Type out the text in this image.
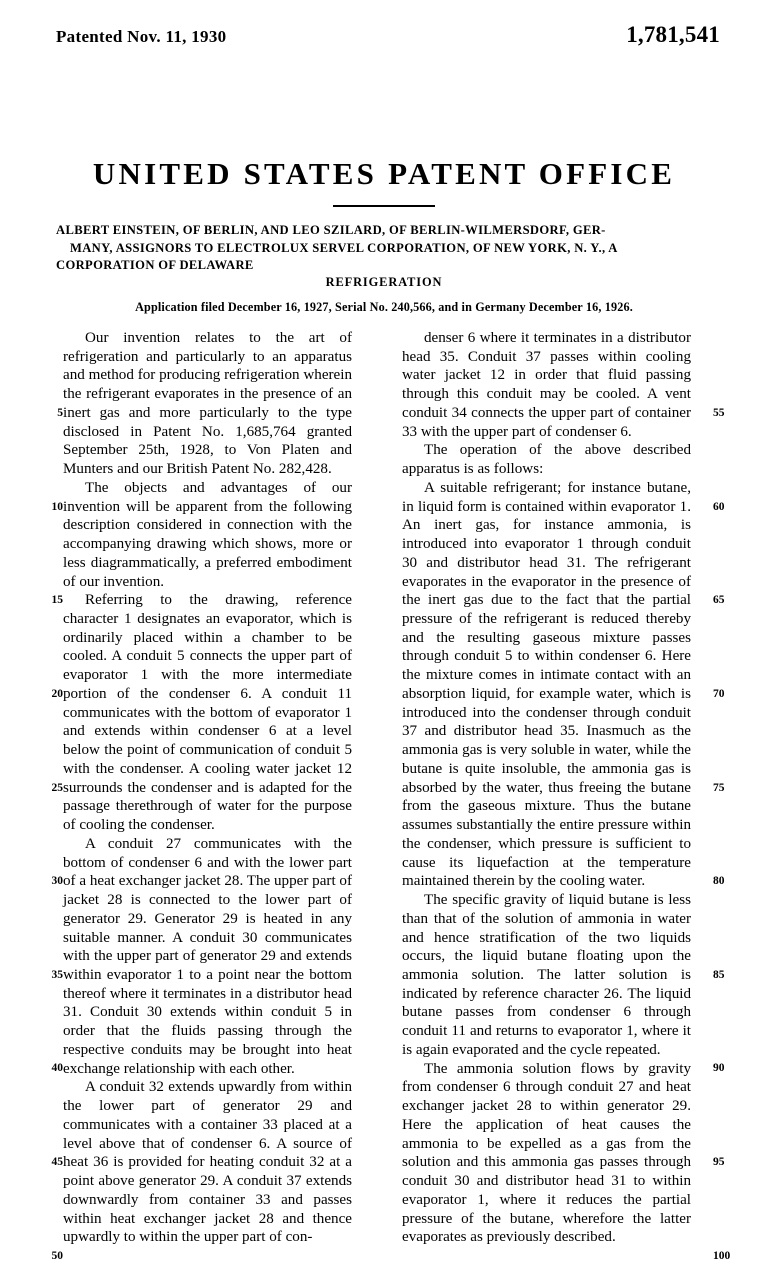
Patented Nov. 11, 1930	1,781,541
UNITED STATES PATENT OFFICE
ALBERT EINSTEIN, OF BERLIN, AND LEO SZILARD, OF BERLIN-WILMERSDORF, GER-
MANY, ASSIGNORS TO ELECTROLUX SERVEL CORPORATION, OF NEW YORK, N. Y., A
CORPORATION OF DELAWARE
REFRIGERATION
Application filed December 16, 1927, Serial No. 240,566, and in Germany December 16, 1926.
5
10
15
20
25
30
35
40
45
50
55
60
65
70
75
80
85
90
95
100

Our invention relates to the art of refrigeration and particularly to an apparatus and method for producing refrigeration wherein the refrigerant evaporates in the presence of an inert gas and more particularly to the type disclosed in Patent No. 1,685,764 granted September 25th, 1928, to Von Platen and Munters and our British Patent No. 282,428.

The objects and advantages of our invention will be apparent from the following description considered in connection with the accompanying drawing which shows, more or less diagrammatically, a preferred embodiment of our invention.

Referring to the drawing, reference character 1 designates an evaporator, which is ordinarily placed within a chamber to be cooled. A conduit 5 connects the upper part of evaporator 1 with the more intermediate portion of the condenser 6. A conduit 11 communicates with the bottom of evaporator 1 and extends within condenser 6 at a level below the point of communication of conduit 5 with the condenser. A cooling water jacket 12 surrounds the condenser and is adapted for the passage therethrough of water for the purpose of cooling the condenser.

A conduit 27 communicates with the bottom of condenser 6 and with the lower part of a heat exchanger jacket 28. The upper part of jacket 28 is connected to the lower part of generator 29. Generator 29 is heated in any suitable manner. A conduit 30 communicates with the upper part of generator 29 and extends within evaporator 1 to a point near the bottom thereof where it terminates in a distributor head 31. Conduit 30 extends within conduit 5 in order that the fluids passing through the respective conduits may be brought into heat exchange relationship with each other.

A conduit 32 extends upwardly from within the lower part of generator 29 and communicates with a container 33 placed at a level above that of condenser 6. A source of heat 36 is provided for heating conduit 32 at a point above generator 29. A conduit 37 extends downwardly from container 33 and passes within heat exchanger jacket 28 and thence upwardly to within the upper part of con-

denser 6 where it terminates in a distributor head 35. Conduit 37 passes within cooling water jacket 12 in order that fluid passing through this conduit may be cooled. A vent conduit 34 connects the upper part of container 33 with the upper part of condenser 6.

The operation of the above described apparatus is as follows:

A suitable refrigerant; for instance butane, in liquid form is contained within evaporator 1. An inert gas, for instance ammonia, is introduced into evaporator 1 through conduit 30 and distributor head 31. The refrigerant evaporates in the evaporator in the presence of the inert gas due to the fact that the partial pressure of the refrigerant is reduced thereby and the resulting gaseous mixture passes through conduit 5 to within condenser 6. Here the mixture comes in intimate contact with an absorption liquid, for example water, which is introduced into the condenser through conduit 37 and distributor head 35. Inasmuch as the ammonia gas is very soluble in water, while the butane is quite insoluble, the ammonia gas is absorbed by the water, thus freeing the butane from the gaseous mixture. Thus the butane assumes substantially the entire pressure within the condenser, which pressure is sufficient to cause its liquefaction at the temperature maintained therein by the cooling water.

The specific gravity of liquid butane is less than that of the solution of ammonia in water and hence stratification of the two liquids occurs, the liquid butane floating upon the ammonia solution. The latter solution is indicated by reference character 26. The liquid butane passes from condenser 6 through conduit 11 and returns to evaporator 1, where it is again evaporated and the cycle repeated.

The ammonia solution flows by gravity from condenser 6 through conduit 27 and heat exchanger jacket 28 to within generator 29. Here the application of heat causes the ammonia to be expelled as a gas from the solution and this ammonia gas passes through conduit 30 and distributor head 31 to within evaporator 1, where it reduces the partial pressure of the butane, wherefore the latter evaporates as previously described.
